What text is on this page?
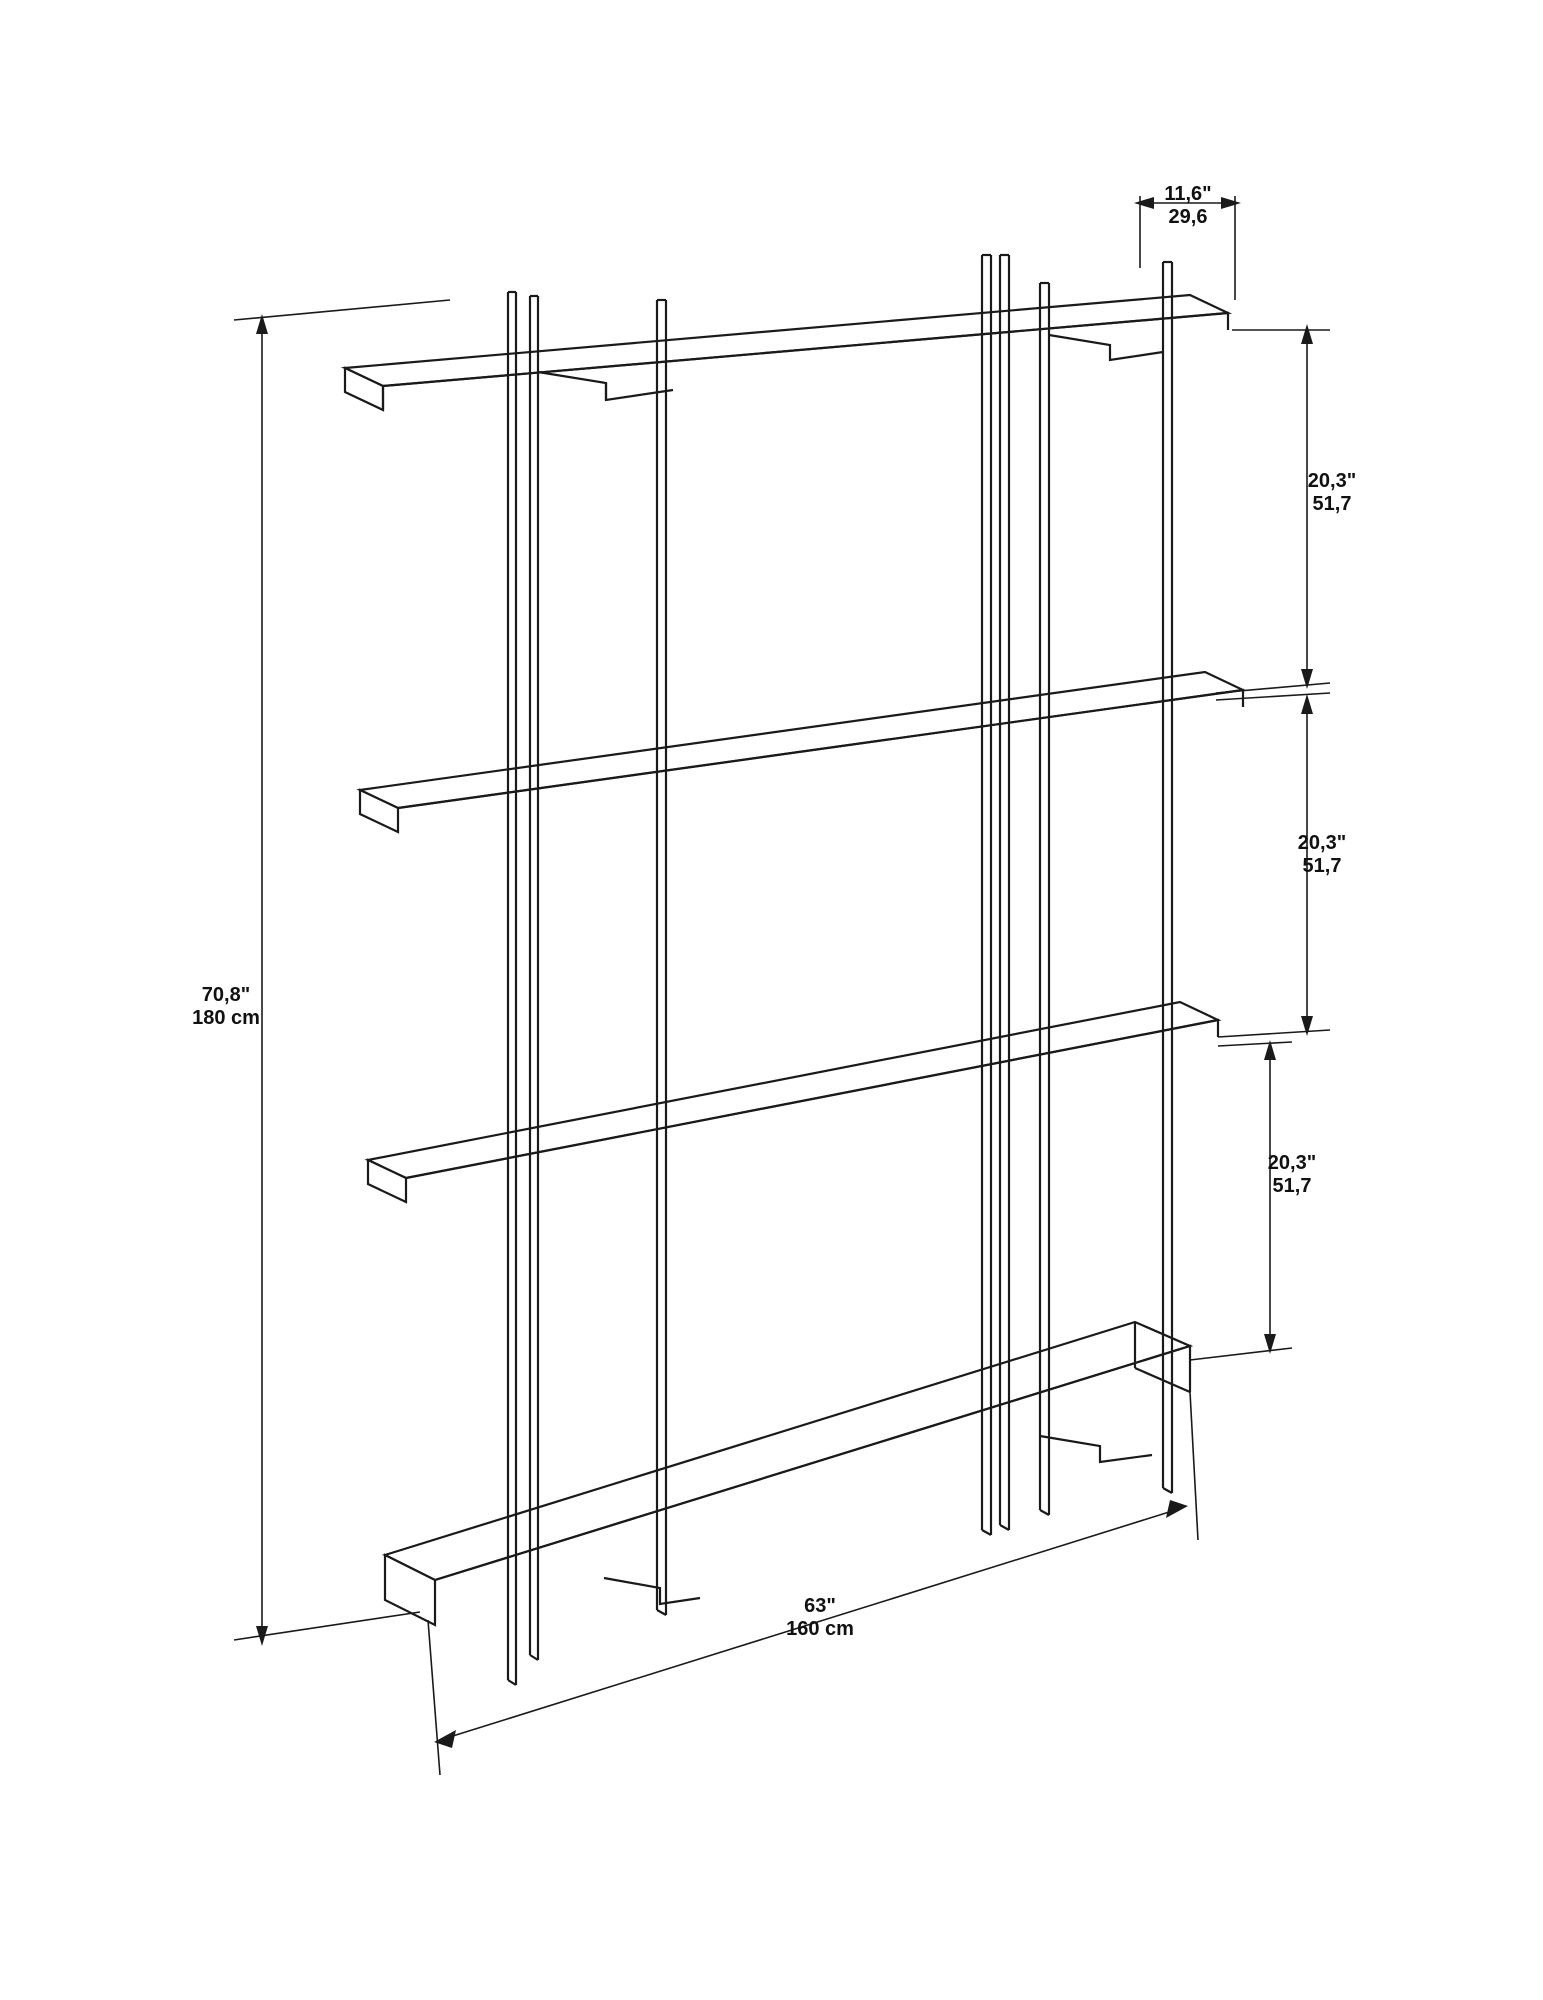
70,8"
180 cm
63"
160 cm
11,6"
29,6
20,3"
51,7
20,3"
51,7
20,3"
51,7
